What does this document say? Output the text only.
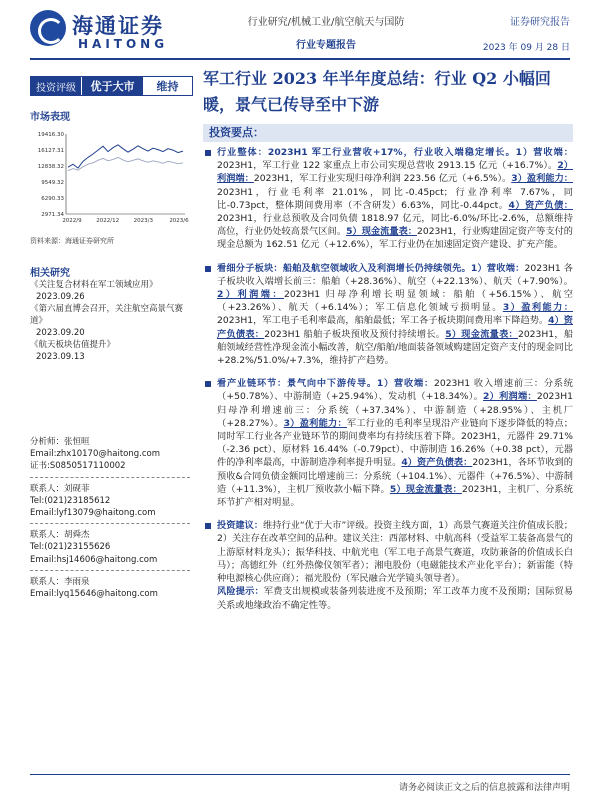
海通证券
HAITONG
行业研究/机械工业/航空航天与国防
行业专题报告
证券研究报告
2023 年 09 月 28 日
投资评级	优于大市	维持	军工行业 2023 年半年度总结：行业 Q2 小幅回暖，景气已传导至中下游
市场表现
2971.34
6290.33
9549.32
12838.32
16127.31
19416.30
2022/9	2022/12	2023/3	2023/6
资料来源：海通证券研究所
相关研究
《关注复合材料在军工领域应用》
2023.09.26
《第六届直博会召开，关注航空高景气赛道》
2023.09.20
《航天板块估值提升》
2023.09.13
分析师：张恒晅
Email:zhx10170@haitong.com
证书:S0850517110002
联系人：刘砚菲
Tel:(021)23185612
Email:lyf13079@haitong.com
联系人：胡舜杰
Tel:(021)23155626
Email:hsj14606@haitong.com
联系人：李雨泉
Email:lyq15646@haitong.com
投资要点：
行业整体：2023H1 军工行业营收+17%，行业收入端稳定增长。1）营收端：2023H1，军工行业 122 家重点上市公司实现总营收 2913.15 亿元（+16.7%）。2）利润端：2023H1，军工行业实现归母净利润 223.56 亿元（+6.5%）。3）盈利能力：2023H1，行业毛利率 21.01%，同比-0.45pct；行业净利率 7.67%，同比-0.73pct，整体期间费用率（不含研发）6.63%，同比-0.44pct。4）资产负债：2023H1，行业总预收及合同负债 1818.97 亿元，同比-6.0%/环比-2.6%，总额维持高位，行业仍处较高景气区间。5）现金流量表：2023H1，行业购建固定资产等支付的现金总额为 162.51 亿元（+12.6%），军工行业仍在加速固定资产建设、扩充产能。
看细分子板块：船舶及航空领域收入及利润增长仍持续领先。1）营收端：2023H1 各子板块收入端增长前三：船舶（+28.36%）、航空（+22.13%）、航天（+7.90%）。2）利润端：2023H1 归母净利增长明显领域：船舶（+56.15%）、航空（+23.26%）、航天（+6.14%）；军工信息化领域亏损明显。3）盈利能力：2023H1，军工电子毛利率最高，船舶最低；军工各子板块期间费用率下降趋势。4）资产负债表：2023H1 船舶子板块预收及预付持续增长。5）现金流量表：2023H1，船舶领域经营性净现金流小幅改善，航空/船舶/地面装备领域购建固定资产支付的现金同比+28.2%/51.0%/+7.3%，维持扩产趋势。
看产业链环节：景气向中下游传导。1）营收端：2023H1 收入增速前三：分系统（+50.78%）、中游制造（+25.94%）、发动机（+18.34%）。2）利润端：2023H1 归母净利增速前三：分系统（+37.34%）、中游制造（+28.95%）、主机厂（+28.27%）。3）盈利能力：军工行业的毛利率呈现沿产业链向下逐步降低的特点；同时军工行业各产业链环节的期间费率均有持续压着下降。2023H1，元器件 29.71%（-2.36 pct）、原材料 16.44%（-0.79pct）、中游制造 16.26%（+0.38 pct），元器件的净利率最高，中游制造净利率提升明显。4）资产负债表：2023H1，各环节收到的预收&合同负债金额同比增速前三：分系统（+104.1%）、元器件（+76.5%）、中游制造（+11.3%），主机厂预收款小幅下降。5）现金流量表：2023H1，主机厂、分系统环节扩产相对明显。
投资建议：维持行业“优于大市”评级。投资主线方面，1）高景气赛道关注价值成长股；2）关注存在改革空间的品种。建议关注：西部材料、中航高科（受益军工装备高景气的上游原材料龙头）；振华科技、中航光电（军工电子高景气赛道，攻防兼备的价值成长白马）；高德红外（红外热像仪领军者）；湘电股份（电磁能技术产业化平台）；新雷能（特种电源核心供应商）；福光股份（军民融合光学镜头领导者）。
风险提示：军费支出规模或装备列装进度不及预期；军工改革力度不及预期；国际贸易关系或地缘政治不确定性等。
请务必阅读正文之后的信息披露和法律声明
